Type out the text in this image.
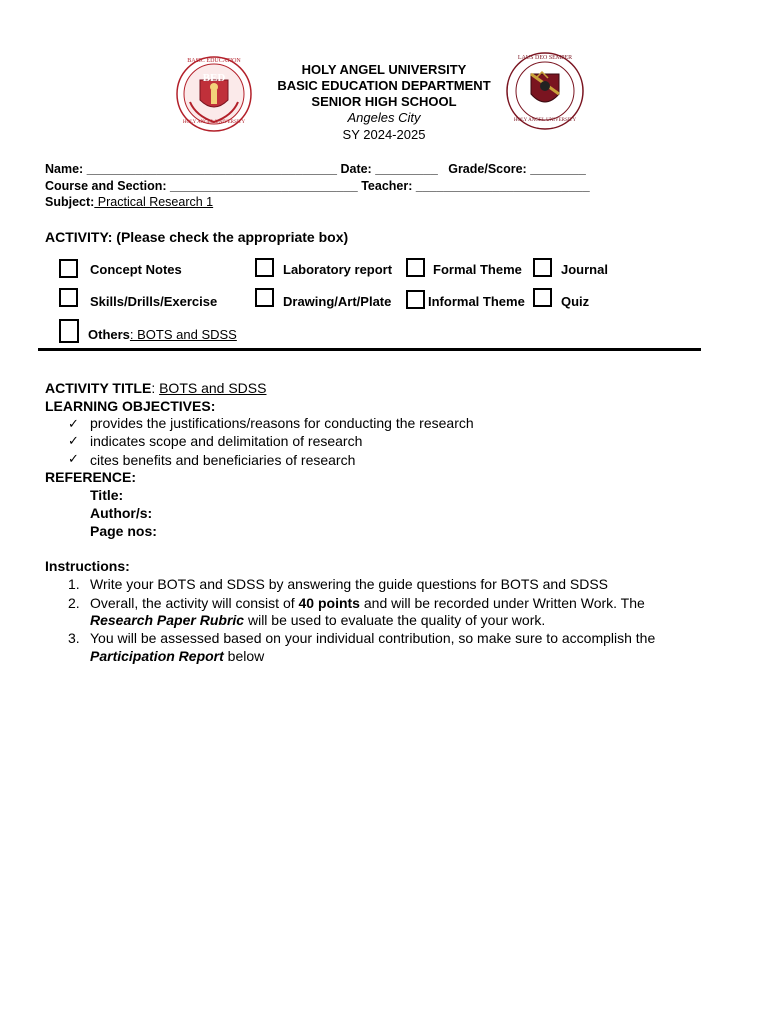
BASIC EDUCATION
BED
HOLY ANGEL UNIVERSITY
LAUS DEO SEMPER
HOLY ANGEL UNIVERSITY
HOLY ANGEL UNIVERSITY
BASIC EDUCATION DEPARTMENT
SENIOR HIGH SCHOOL
Angeles City
SY 2024-2025
Name: ____________________________________ Date: _________ Grade/Score: ________
Course and Section: ___________________________ Teacher: _________________________
Subject: Practical Research 1
ACTIVITY: (Please check the appropriate box)
Concept Notes	Laboratory report	Formal Theme	Journal
Skills/Drills/Exercise	Drawing/Art/Plate	Informal Theme	Quiz
Others: BOTS and SDSS
ACTIVITY TITLE: BOTS and SDSS
LEARNING OBJECTIVES:
✓ provides the justifications/reasons for conducting the research
✓ indicates scope and delimitation of research
✓ cites benefits and beneficiaries of research
REFERENCE:
Title:
Author/s:
Page nos:
Instructions:
1. Write your BOTS and SDSS by answering the guide questions for BOTS and SDSS
2. Overall, the activity will consist of 40 points and will be recorded under Written Work. The
Research Paper Rubric will be used to evaluate the quality of your work.
3. You will be assessed based on your individual contribution, so make sure to accomplish the
Participation Report below
